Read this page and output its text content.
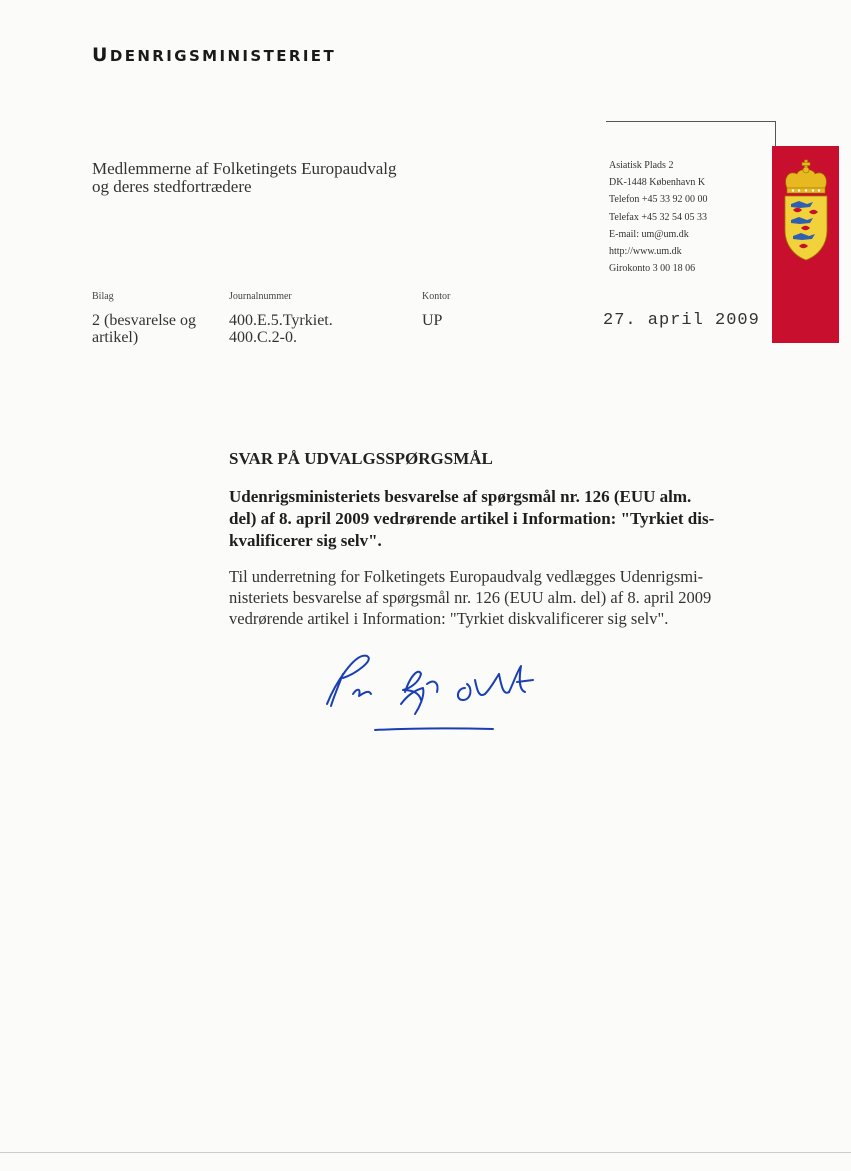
UDENRIGSMINISTERIET
Medlemmerne af Folketingets Europaudvalg
og deres stedfortrædere
Asiatisk Plads 2
DK-1448 København K
Telefon +45 33 92 00 00
Telefax +45 32 54 05 33
E-mail: um@um.dk
http://www.um.dk
Girokonto 3 00 18 06
Bilag
2 (besvarelse og
artikel)
Journalnummer
400.E.5.Tyrkiet.
400.C.2-0.
Kontor
UP	27. april 2009
SVAR PÅ UDVALGSSPØRGSMÅL
Udenrigsministeriets besvarelse af spørgsmål nr. 126 (EUU alm.
del) af 8. april 2009 vedrørende artikel i Information: "Tyrkiet dis-
kvalificerer sig selv".
Til underretning for Folketingets Europaudvalg vedlægges Udenrigsmi-
nisteriets besvarelse af spørgsmål nr. 126 (EUU alm. del) af 8. april 2009
vedrørende artikel i Information: "Tyrkiet diskvalificerer sig selv".
